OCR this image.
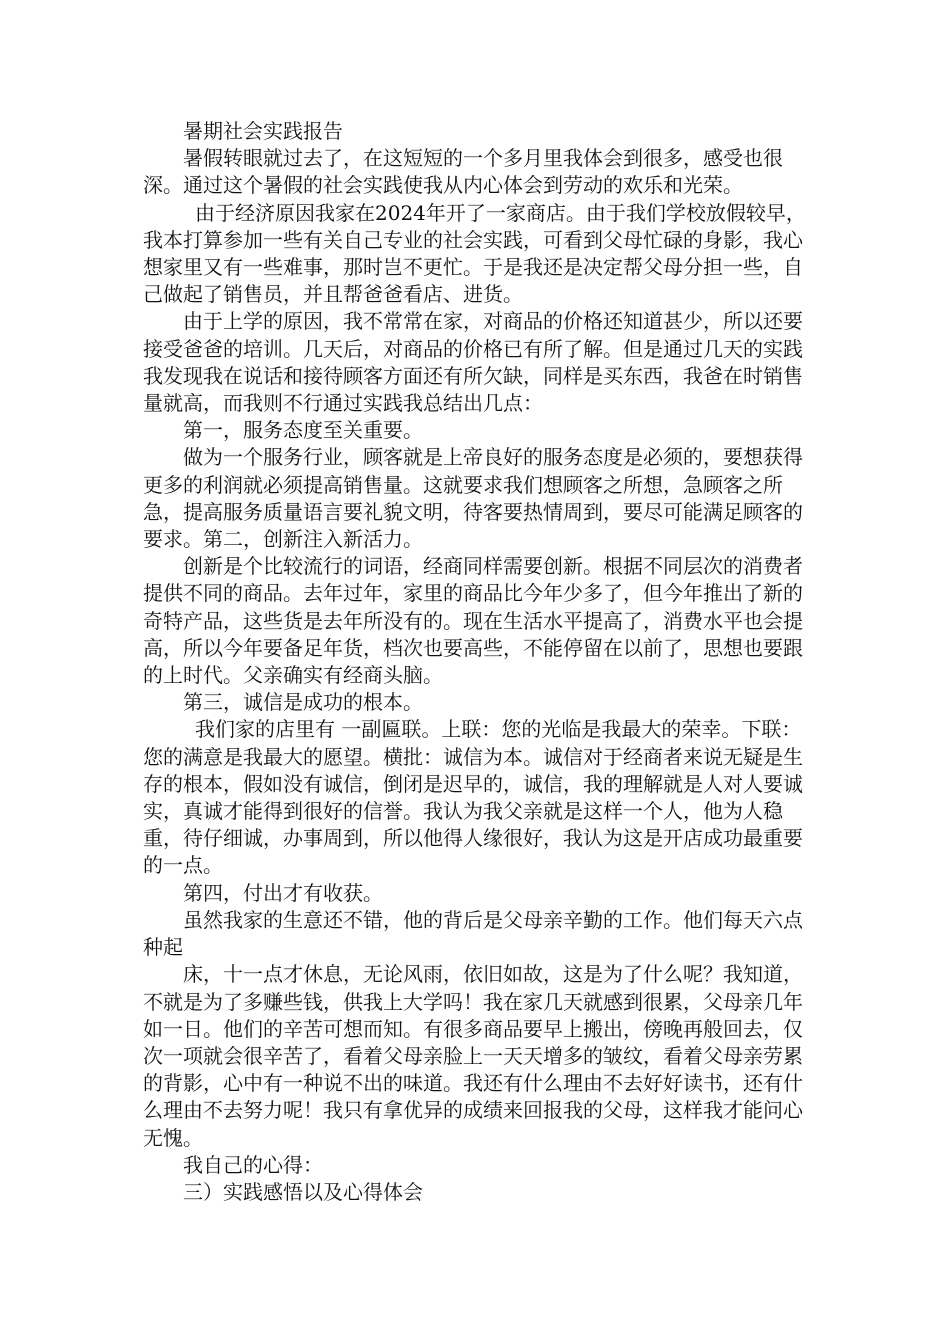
暑期社会实践报告

暑假转眼就过去了，在这短短的一个多月里我体会到很多，感受也很深。通过这个暑假的社会实践使我从内心体会到劳动的欢乐和光荣。

由于经济原因我家在2024年开了一家商店。由于我们学校放假较早，我本打算参加一些有关自己专业的社会实践，可看到父母忙碌的身影，我心想家里又有一些难事，那时岂不更忙。于是我还是决定帮父母分担一些，自己做起了销售员，并且帮爸爸看店、进货。

由于上学的原因，我不常常在家，对商品的价格还知道甚少，所以还要接受爸爸的培训。几天后，对商品的价格已有所了解。但是通过几天的实践我发现我在说话和接待顾客方面还有所欠缺，同样是买东西，我爸在时销售量就高，而我则不行通过实践我总结出几点：

第一，服务态度至关重要。

做为一个服务行业，顾客就是上帝良好的服务态度是必须的，要想获得更多的利润就必须提高销售量。这就要求我们想顾客之所想，急顾客之所急，提高服务质量语言要礼貌文明，待客要热情周到，要尽可能满足顾客的要求。第二，创新注入新活力。

创新是个比较流行的词语，经商同样需要创新。根据不同层次的消费者提供不同的商品。去年过年，家里的商品比今年少多了，但今年推出了新的奇特产品，这些货是去年所没有的。现在生活水平提高了，消费水平也会提高，所以今年要备足年货，档次也要高些，不能停留在以前了，思想也要跟的上时代。父亲确实有经商头脑。

第三，诚信是成功的根本。

我们家的店里有 一副匾联。上联：您的光临是我最大的荣幸。下联：您的满意是我最大的愿望。横批：诚信为本。诚信对于经商者来说无疑是生存的根本，假如没有诚信，倒闭是迟早的，诚信，我的理解就是人对人要诚实，真诚才能得到很好的信誉。我认为我父亲就是这样一个人，他为人稳重，待仔细诚，办事周到，所以他得人缘很好，我认为这是开店成功最重要的一点。

第四，付出才有收获。

虽然我家的生意还不错，他的背后是父母亲辛勤的工作。他们每天六点种起

床，十一点才休息，无论风雨，依旧如故，这是为了什么呢？我知道，不就是为了多赚些钱，供我上大学吗！我在家几天就感到很累，父母亲几年如一日。他们的辛苦可想而知。有很多商品要早上搬出，傍晚再般回去，仅次一项就会很辛苦了，看着父母亲脸上一天天增多的皱纹，看着父母亲劳累的背影，心中有一种说不出的味道。我还有什么理由不去好好读书，还有什么理由不去努力呢！我只有拿优异的成绩来回报我的父母，这样我才能问心无愧。

我自己的心得：

三）实践感悟以及心得体会
